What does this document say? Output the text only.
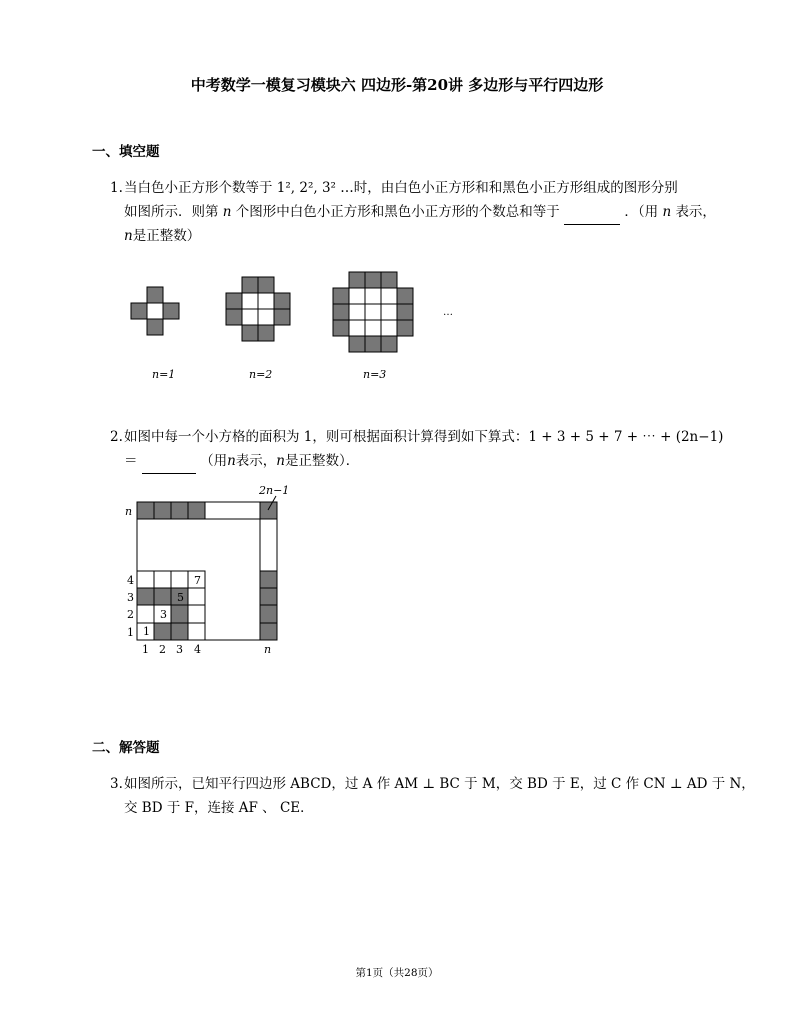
中考数学一模复习模块六 四边形-第20讲 多边形与平行四边形
一、填空题
1. 当白色小正方形个数等于 1², 2², 3² …时，由白色小正方形和和黑色小正方形组成的图形分别
如图所示．则第 n 个图形中白色小正方形和黑色小正方形的个数总和等于	．（用 n 表示，
n是正整数）
…
n=1	n=2	n=3
2. 如图中每一个小方格的面积为 1，则可根据面积计算得到如下算式：1 + 3 + 5 + 7 + ⋯ + (2n−1)
＝	（用n表示，n是正整数）．
2n−1
n
4
3
2
1
1 2 3 4	n
1
3
5
7
二、解答题
3. 如图所示，已知平行四边形 ABCD，过 A 作 AM ⊥ BC 于 M，交 BD 于 E，过 C 作 CN ⊥ AD 于 N，
交 BD 于 F，连接 AF 、 CE．
第1页（共28页）
